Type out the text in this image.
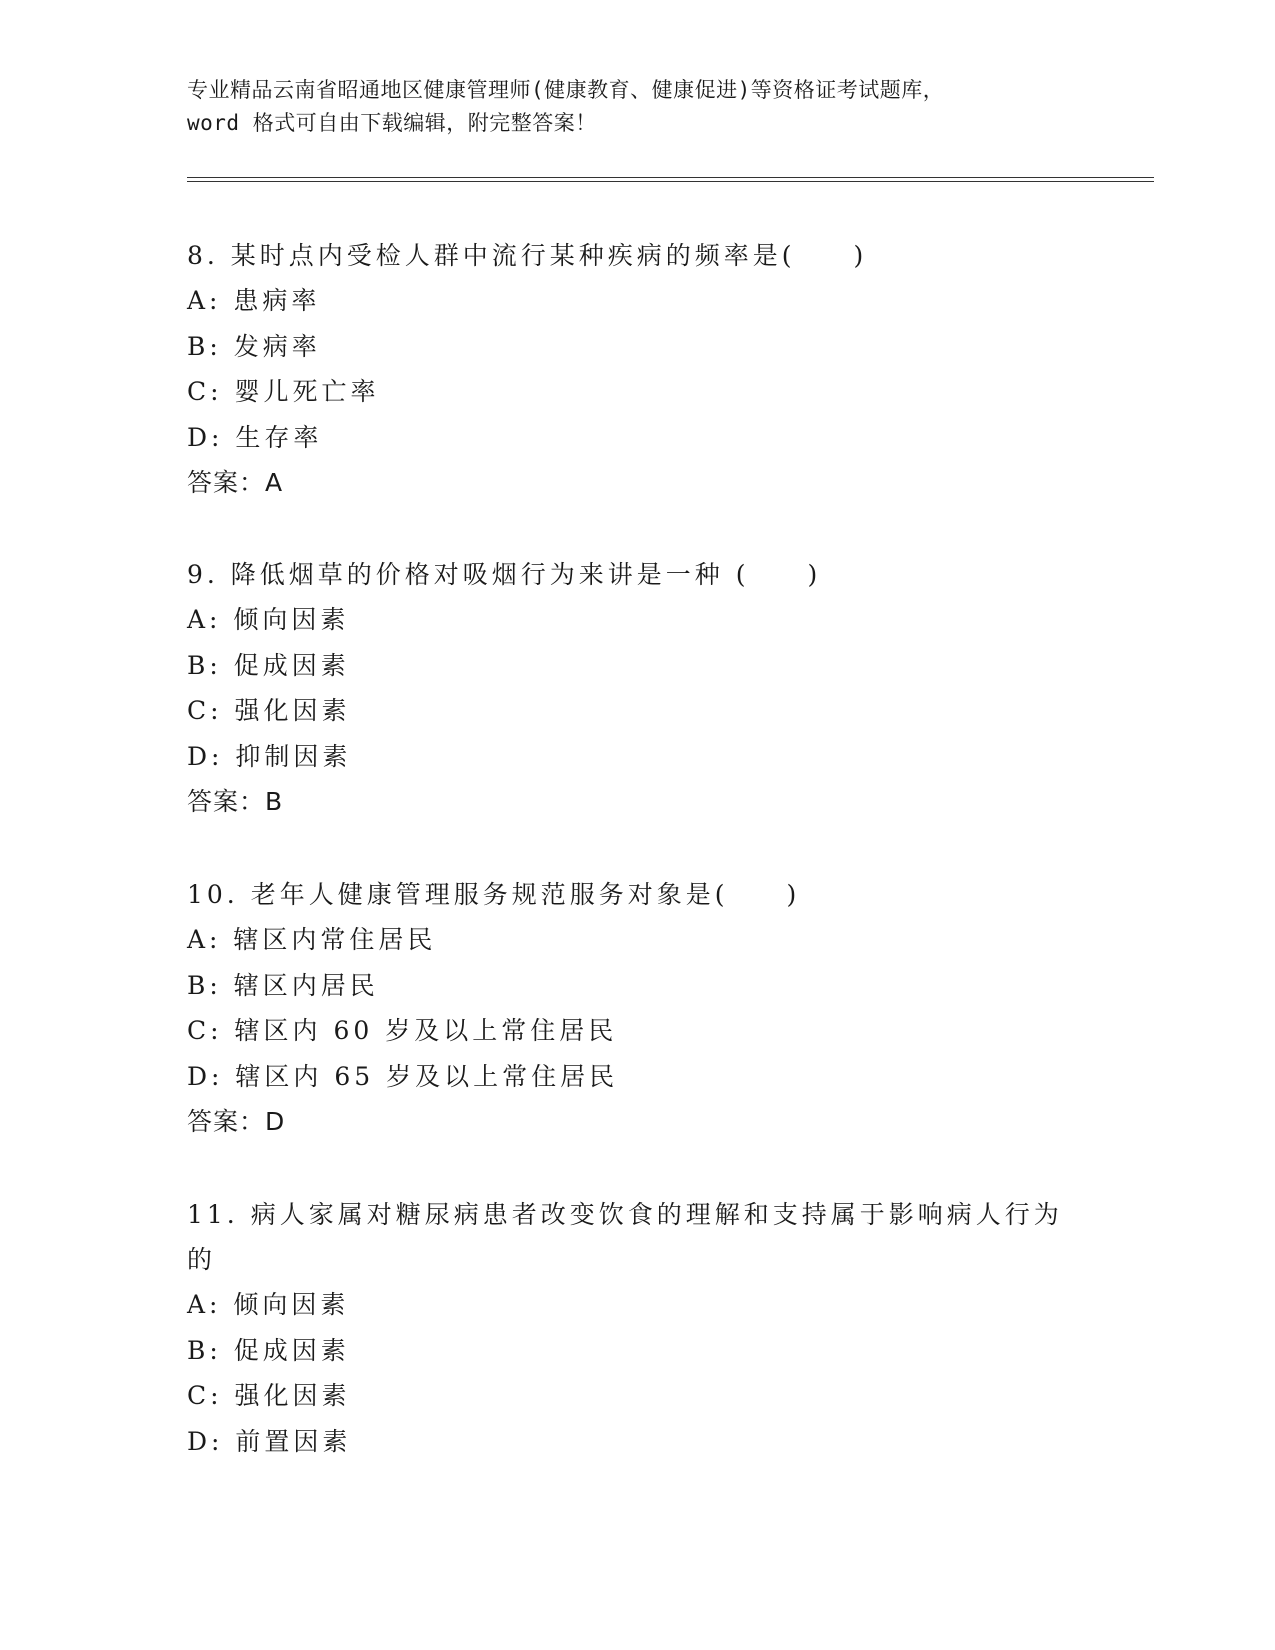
专业精品云南省昭通地区健康管理师(健康教育、健康促进)等资格证考试题库，
word 格式可自由下载编辑，附完整答案！
8. 某时点内受检人群中流行某种疾病的频率是(　　)
A: 患病率
B: 发病率
C: 婴儿死亡率
D: 生存率
答案：A
9. 降低烟草的价格对吸烟行为来讲是一种 (　　)
A: 倾向因素
B: 促成因素
C: 强化因素
D: 抑制因素
答案：B
10. 老年人健康管理服务规范服务对象是(　　)
A: 辖区内常住居民
B: 辖区内居民
C: 辖区内 60 岁及以上常住居民
D: 辖区内 65 岁及以上常住居民
答案：D
11. 病人家属对糖尿病患者改变饮食的理解和支持属于影响病人行为的
A: 倾向因素
B: 促成因素
C: 强化因素
D: 前置因素
